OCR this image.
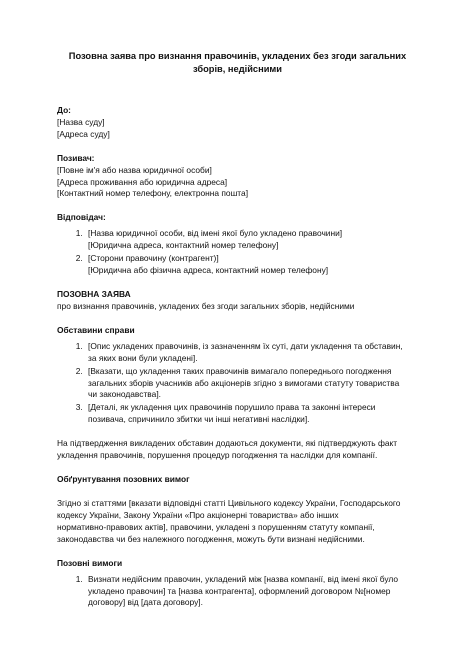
Позовна заява про визнання правочинів, укладених без згоди загальних
зборів, недійсними
До:
[Назва суду]
[Адреса суду]
Позивач:
[Повне ім'я або назва юридичної особи]
[Адреса проживання або юридична адреса]
[Контактний номер телефону, електронна пошта]
Відповідач:
1. [Назва юридичної особи, від імені якої було укладено правочини]
[Юридична адреса, контактний номер телефону]
2. [Сторони правочину (контрагент)]
[Юридична або фізична адреса, контактний номер телефону]
ПОЗОВНА ЗАЯВА
про визнання правочинів, укладених без згоди загальних зборів, недійсними
Обставини справи
1. [Опис укладених правочинів, із зазначенням їх суті, дати укладення та обставин,
за яких вони були укладені].
2. [Вказати, що укладення таких правочинів вимагало попереднього погодження
загальних зборів учасників або акціонерів згідно з вимогами статуту товариства
чи законодавства].
3. [Деталі, як укладення цих правочинів порушило права та законні інтереси
позивача, спричинило збитки чи інші негативні наслідки].
На підтвердження викладених обставин додаються документи, які підтверджують факт
укладення правочинів, порушення процедур погодження та наслідки для компанії.
Обґрунтування позовних вимог
Згідно зі статтями [вказати відповідні статті Цивільного кодексу України, Господарського
кодексу України, Закону України «Про акціонерні товариства» або інших
нормативно-правових актів], правочини, укладені з порушенням статуту компанії,
законодавства чи без належного погодження, можуть бути визнані недійсними.
Позовні вимоги
1. Визнати недійсним правочин, укладений між [назва компанії, від імені якої було
укладено правочин] та [назва контрагента], оформлений договором №[номер
договору] від [дата договору].
